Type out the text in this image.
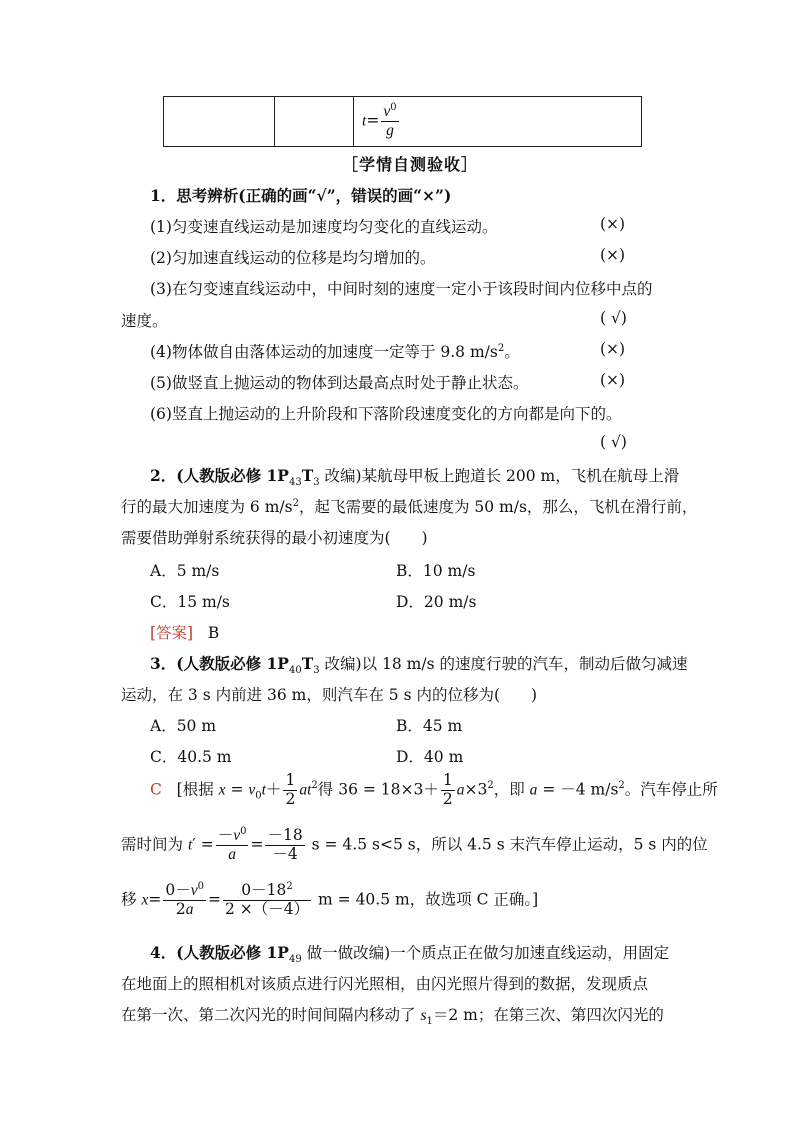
		$t= \frac{v^0}{g}$
［学情自测验收］
1．思考辨析(正确的画“√”，错误的画“×”)
(1)匀变速直线运动是加速度均匀变化的直线运动。	(×)
(2)匀加速直线运动的位移是均匀增加的。	(×)
(3)在匀变速直线运动中，中间时刻的速度一定小于该段时间内位移中点的
速度。	( √)
(4)物体做自由落体运动的加速度一定等于 9.8 $m/s^2$。	(×)
(5)做竖直上抛运动的物体到达最高点时处于静止状态。	(×)
(6)竖直上抛运动的上升阶段和下落阶段速度变化的方向都是向下的。
( √)
2．(人教版必修 $1P_{43}T_3$ 改编)某航母甲板上跑道长 200 m，飞机在航母上滑
行的最大加速度为 6 $m/s^2$，起飞需要的最低速度为 50 m/s，那么，飞机在滑行前，
需要借助弹射系统获得的最小初速度为(　　)
A．5 m/s	B．10 m/s
C．15 m/s	D．20 m/s
[答案] B
3．(人教版必修 $1P_{40}T_3$ 改编)以 18 m/s 的速度行驶的汽车，制动后做匀减速
运动，在 3 s 内前进 36 m，则汽车在 5 s 内的位移为(　　)
A．50 m	B．45 m
C．40.5 m	D．40 m
C [根据 $x = v_0t+ \frac{1}{2} at^2$得 $36 = 18\times 3+ \frac{1}{2} a\times 3^2$，即 a = －4 $m/s^2$。汽车停止所
需时间为 $t' = \frac{-v^0}{a} = \frac{-18}{-4}$ s = 4.5 s<5 s，所以 4.5 s 末汽车停止运动，5 s 内的位
移 $x= \frac{0-v^0}{2a} = \frac{0-18^2}{2 \times(-4)}$ m = 40.5 m，故选项 C 正确。]
4．(人教版必修 $1P_{49}$ 做一做改编)一个质点正在做匀加速直线运动，用固定
在地面上的照相机对该质点进行闪光照相，由闪光照片得到的数据，发现质点
在第一次、第二次闪光的时间间隔内移动了 $s_1=2$ m；在第三次、第四次闪光的
